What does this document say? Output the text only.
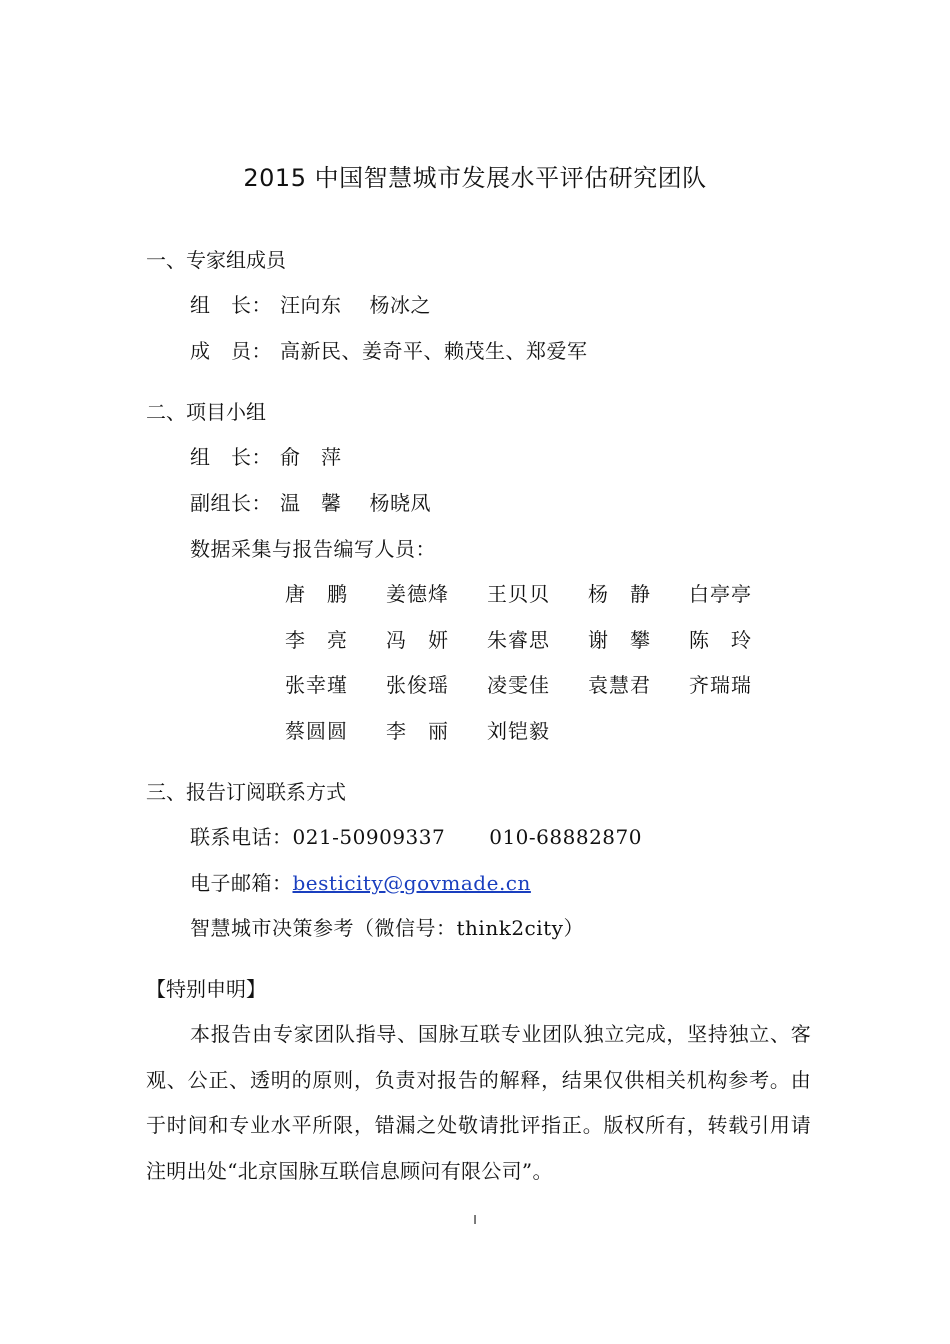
2015 中国智慧城市发展水平评估研究团队
一、专家组成员
组　长： 汪向东 杨冰之
成　员： 高新民、姜奇平、赖茂生、郑爱军
二、项目小组
组　长： 俞　萍
副组长： 温　馨 杨晓凤
数据采集与报告编写人员：
唐　鹏 姜德烽 王贝贝 杨　静 白亭亭
李　亮 冯　妍 朱睿思 谢　攀 陈　玲
张幸瑾 张俊瑶 凌雯佳 袁慧君 齐瑞瑞
蔡圆圆 李　丽 刘铠毅
三、报告订阅联系方式
联系电话：021-50909337 010-68882870
电子邮箱：besticity@govmade.cn
智慧城市决策参考（微信号：think2city）
【特别申明】
本报告由专家团队指导、国脉互联专业团队独立完成，坚持独立、客观、公正、透明的原则，负责对报告的解释，结果仅供相关机构参考。由于时间和专业水平所限，错漏之处敬请批评指正。版权所有，转载引用请注明出处“北京国脉互联信息顾问有限公司”。
I
